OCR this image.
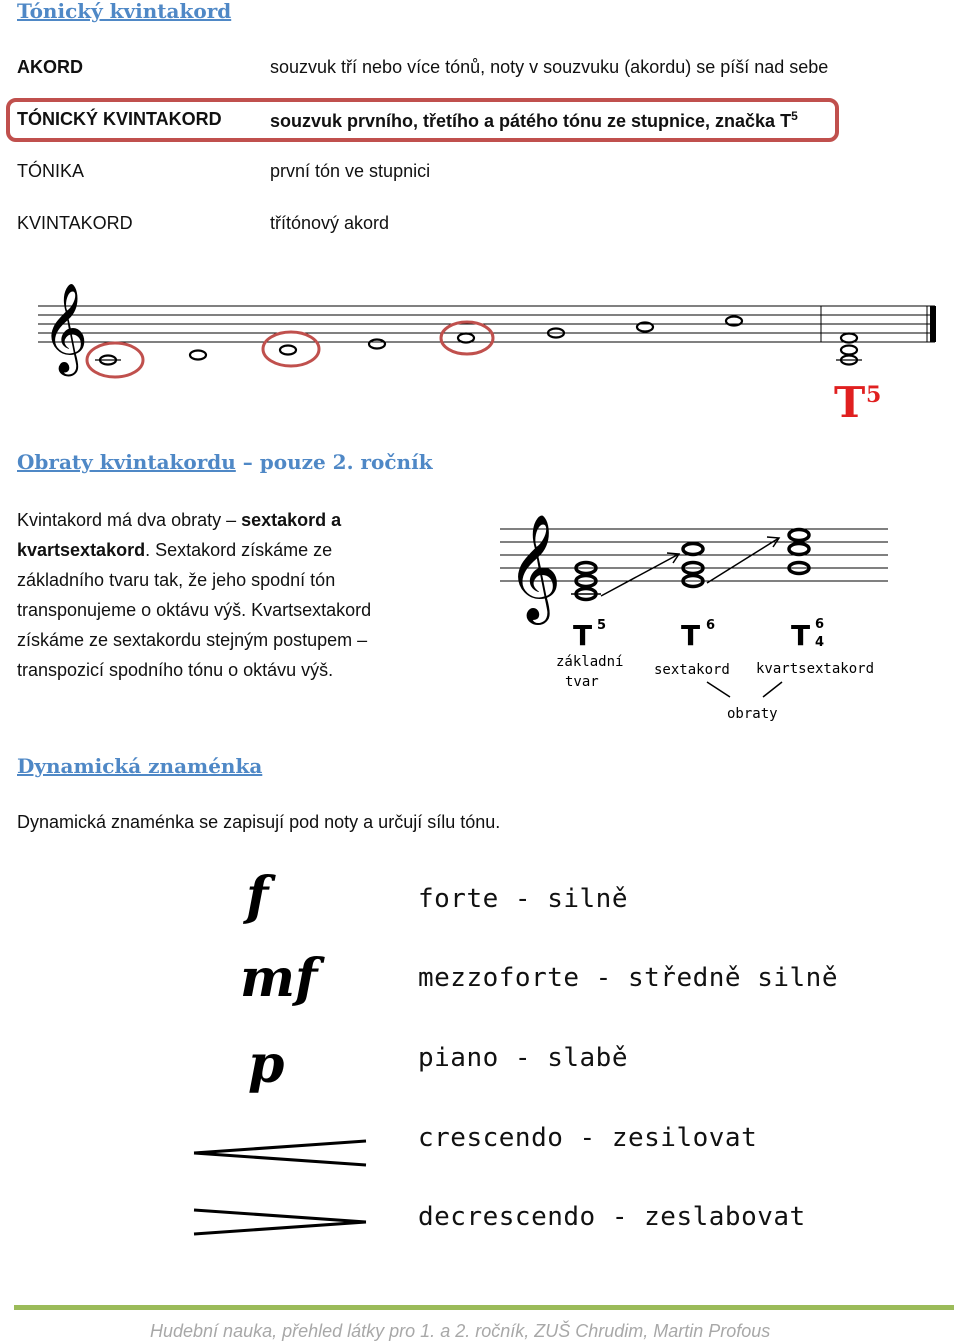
Tónický kvintakord
AKORD	souzvuk tří nebo více tónů, noty v souzvuku (akordu) se píší nad sebe
TÓNICKÝ KVINTAKORD	souzvuk prvního, třetího a pátého tónu ze stupnice, značka $T^5$
TÓNIKA	první tón ve stupnici
KVINTAKORD	třítónový akord
𝄞
T 5
Obraty kvintakordu – pouze 2. ročník
Kvintakord má dva obraty – sextakord a kvartsextakord. Sextakord získáme ze základního tvaru tak, že jeho spodní tón transponujeme o oktávu výš. Kvartsextakord získáme ze sextakordu stejným postupem – transpozicí spodního tónu o oktávu výš.
𝄞
T 5	T 6	T 6
4
základní
tvar
sextakord kvartsextakord
obraty
Dynamická znaménka
Dynamická znaménka se zapisují pod noty a určují sílu tónu.
f	forte - silně
mf	mezzoforte - středně silně
p	piano - slabě
crescendo - zesilovat
decrescendo - zeslabovat
Hudební nauka, přehled látky pro 1. a 2. ročník, ZUŠ Chrudim, Martin Profous
